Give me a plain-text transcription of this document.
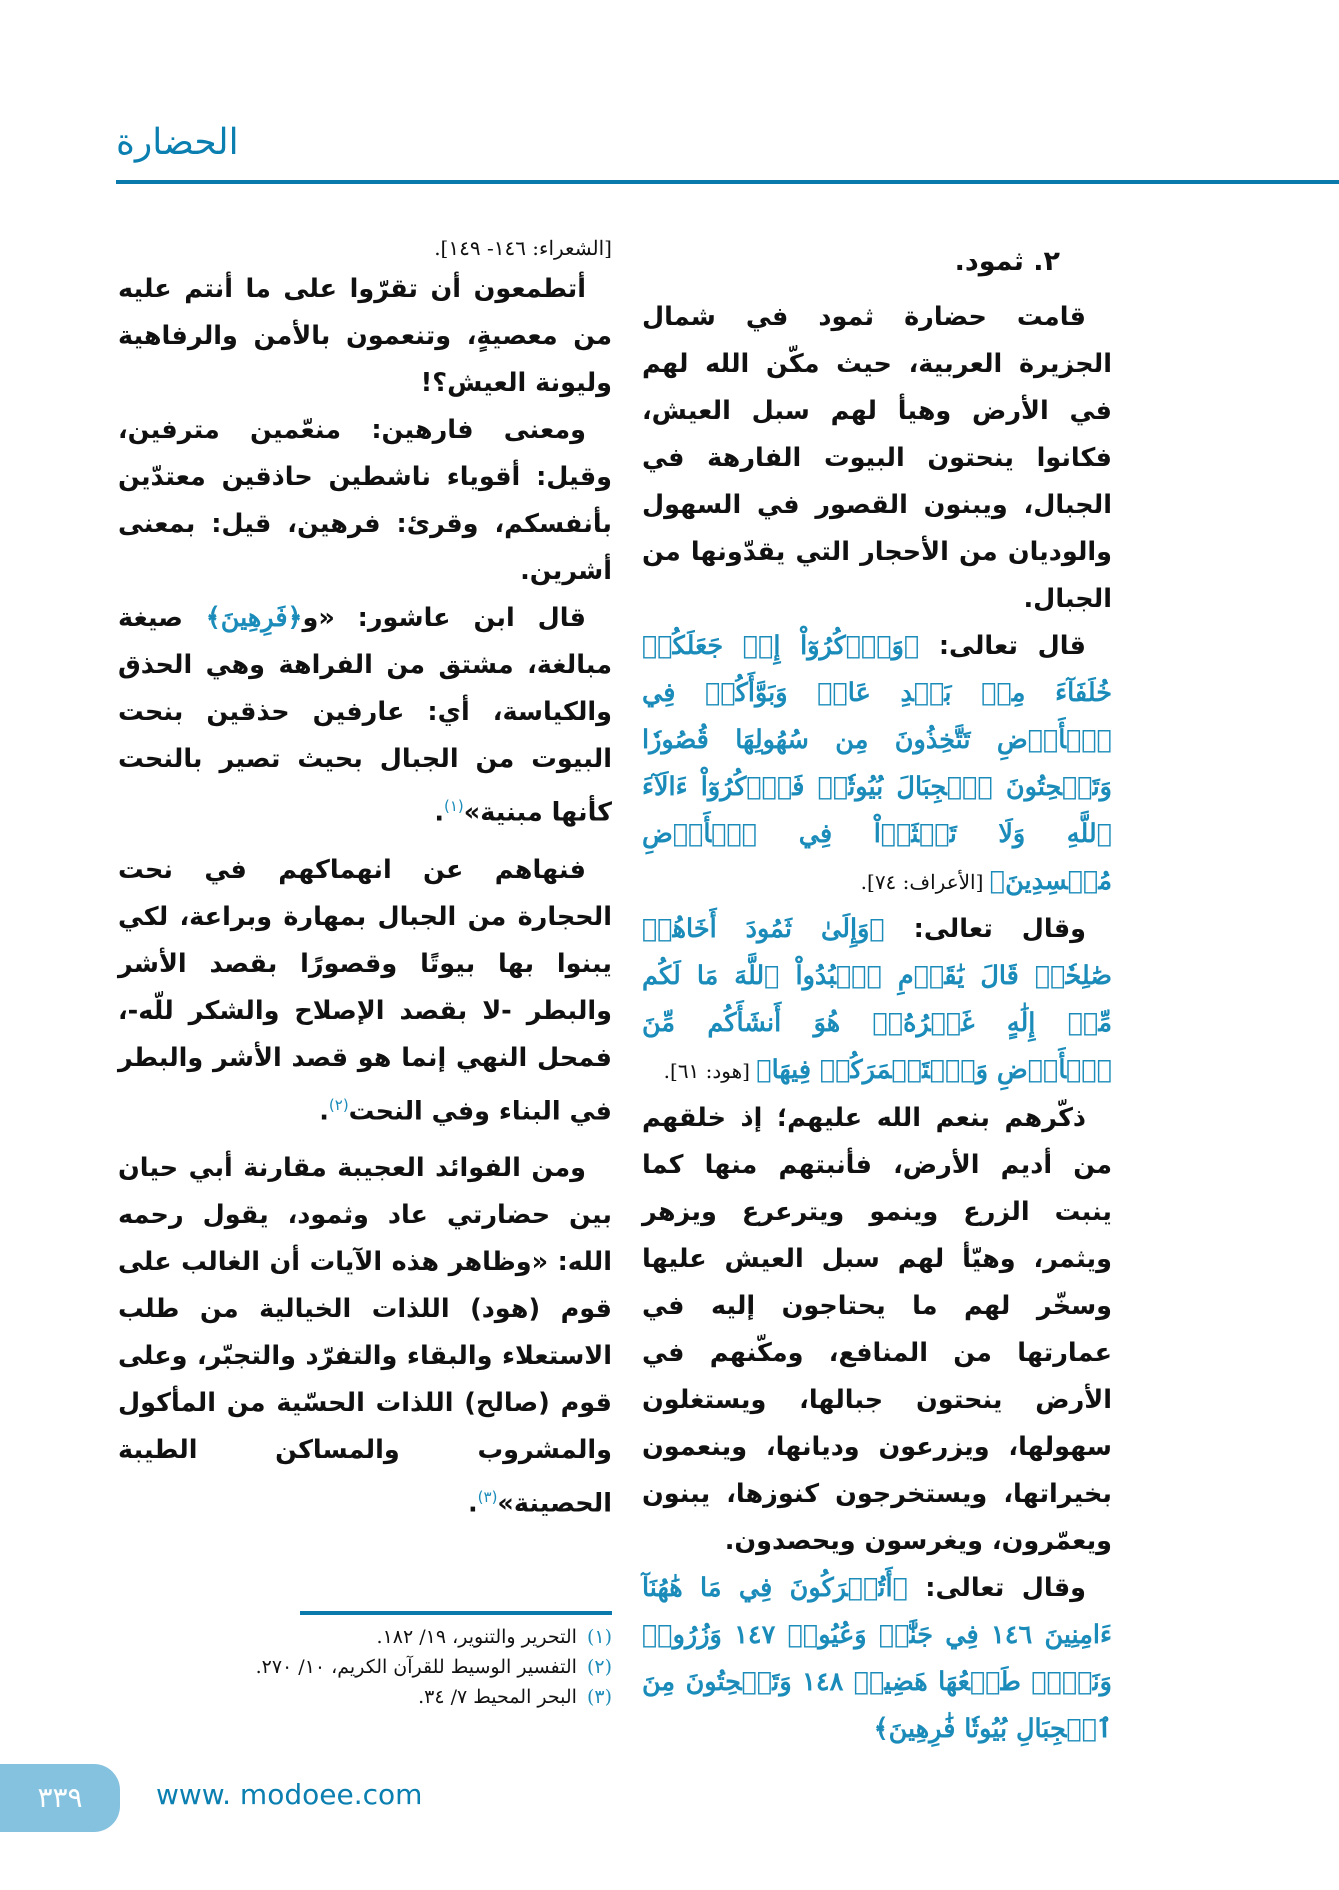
الحضارة

٢. ثمود.

قامت حضارة ثمود في شمال الجزيرة العربية، حيث مكّن الله لهم في الأرض وهيأ لهم سبل العيش، فكانوا ينحتون البيوت الفارهة في الجبال، ويبنون القصور في السهول والوديان من الأحجار التي يقدّونها من الجبال.

قال تعالى: ﴿وَٱذۡكُرُوٓاْ إِذۡ جَعَلَكُمۡ خُلَفَآءَ مِنۢ بَعۡدِ عَادٖ وَبَوَّأَكُمۡ فِي ٱلۡأَرۡضِ تَتَّخِذُونَ مِن سُهُولِهَا قُصُورٗا وَتَنۡحِتُونَ ٱلۡجِبَالَ بُيُوتٗاۖ فَٱذۡكُرُوٓاْ ءَالَآءَ ٱللَّهِ وَلَا تَعۡثَوۡاْ فِي ٱلۡأَرۡضِ مُفۡسِدِينَ﴾ [الأعراف: ٧٤].

وقال تعالى: ﴿وَإِلَىٰ ثَمُودَ أَخَاهُمۡ صَٰلِحٗاۚ قَالَ يَٰقَوۡمِ ٱعۡبُدُواْ ٱللَّهَ مَا لَكُم مِّنۡ إِلَٰهٍ غَيۡرُهُۥۖ هُوَ أَنشَأَكُم مِّنَ ٱلۡأَرۡضِ وَٱسۡتَعۡمَرَكُمۡ فِيهَا﴾ [هود: ٦١].

ذكّرهم بنعم الله عليهم؛ إذ خلقهم من أديم الأرض، فأنبتهم منها كما ينبت الزرع وينمو ويترعرع ويزهر ويثمر، وهيّأ لهم سبل العيش عليها وسخّر لهم ما يحتاجون إليه في عمارتها من المنافع، ومكّنهم في الأرض ينحتون جبالها، ويستغلون سهولها، ويزرعون وديانها، وينعمون بخيراتها، ويستخرجون كنوزها، يبنون ويعمّرون، ويغرسون ويحصدون.

وقال تعالى: ﴿أَتُتۡرَكُونَ فِي مَا هَٰهُنَآ ءَامِنِينَ ١٤٦ فِي جَنَّٰتٖ وَعُيُونٖ ١٤٧ وَزُرُوعٖ وَنَخۡلٖ طَلۡعُهَا هَضِيمٞ ١٤٨ وَتَنۡحِتُونَ مِنَ ٱلۡجِبَالِ بُيُوتٗا فَٰرِهِينَ﴾

[الشعراء: ١٤٦- ١٤٩].

أتطمعون أن تقرّوا على ما أنتم عليه من معصيةٍ، وتنعمون بالأمن والرفاهية وليونة العيش؟!

ومعنى فارهين: منعّمين مترفين، وقيل: أقوياء ناشطين حاذقين معتدّين بأنفسكم، وقرئ: فرهين، قيل: بمعنى أشرين.

قال ابن عاشور: «و﴿فَرِهِينَ﴾ صيغة مبالغة، مشتق من الفراهة وهي الحذق والكياسة، أي: عارفين حذقين بنحت البيوت من الجبال بحيث تصير بالنحت كأنها مبنية»$^{(١)}$.

فنهاهم عن انهماكهم في نحت الحجارة من الجبال بمهارة وبراعة، لكي يبنوا بها بيوتًا وقصورًا بقصد الأشر والبطر -لا بقصد الإصلاح والشكر للّه-، فمحل النهي إنما هو قصد الأشر والبطر في البناء وفي النحت$^{(٢)}$.

ومن الفوائد العجيبة مقارنة أبي حيان بين حضارتي عاد وثمود، يقول رحمه الله: «وظاهر هذه الآيات أن الغالب على قوم (هود) اللذات الخيالية من طلب الاستعلاء والبقاء والتفرّد والتجبّر، وعلى قوم (صالح) اللذات الحسّية من المأكول والمشروب والمساكن الطيبة الحصينة»$^{(٣)}$.

(١)التحرير والتنوير، ١٩/ ١٨٢.
(٢)التفسير الوسيط للقرآن الكريم، ١٠/ ٢٧٠.
(٣)البحر المحيط ٧/ ٣٤.
٣٣٩	www. modoee.com
